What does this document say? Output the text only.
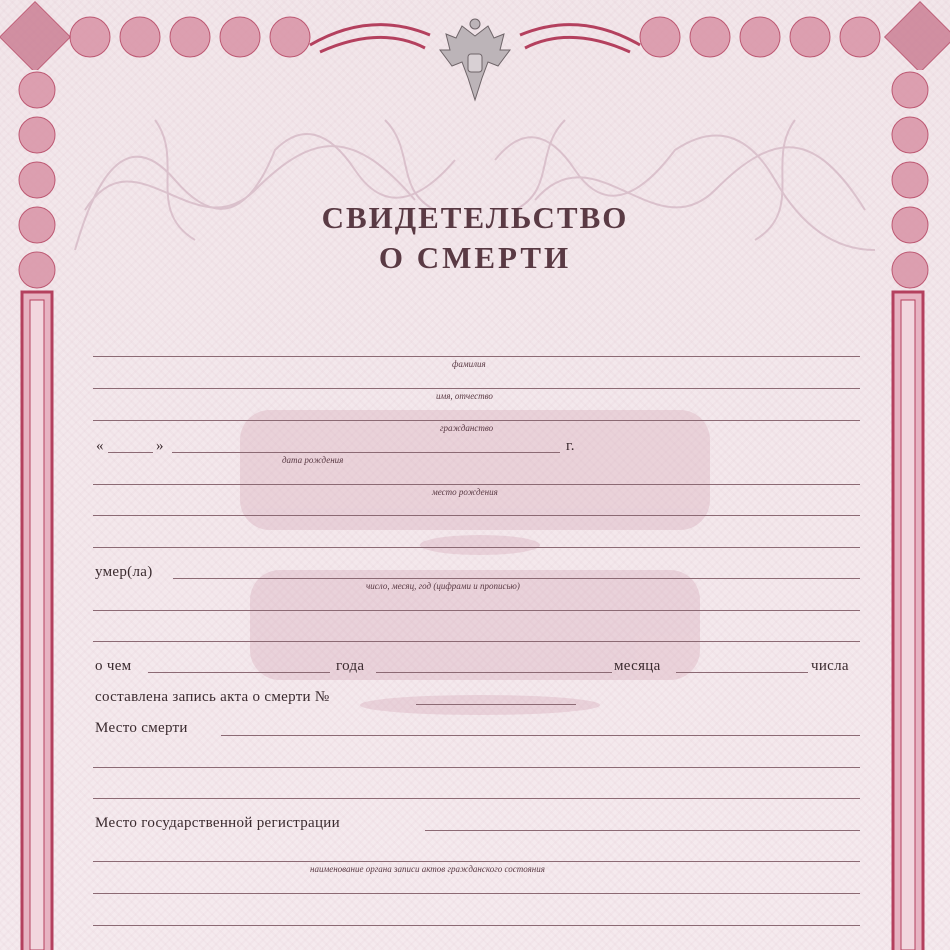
СВИДЕТЕЛЬСТВО
О СМЕРТИ
фамилия
имя, отчество
гражданство
«	»	г.
дата рождения
место рождения
умер(ла)
число, месяц, год (цифрами и прописью)
о чем	года	месяца	числа
составлена запись акта о смерти №
Место смерти
Место государственной регистрации
наименование органа записи актов гражданского состояния
